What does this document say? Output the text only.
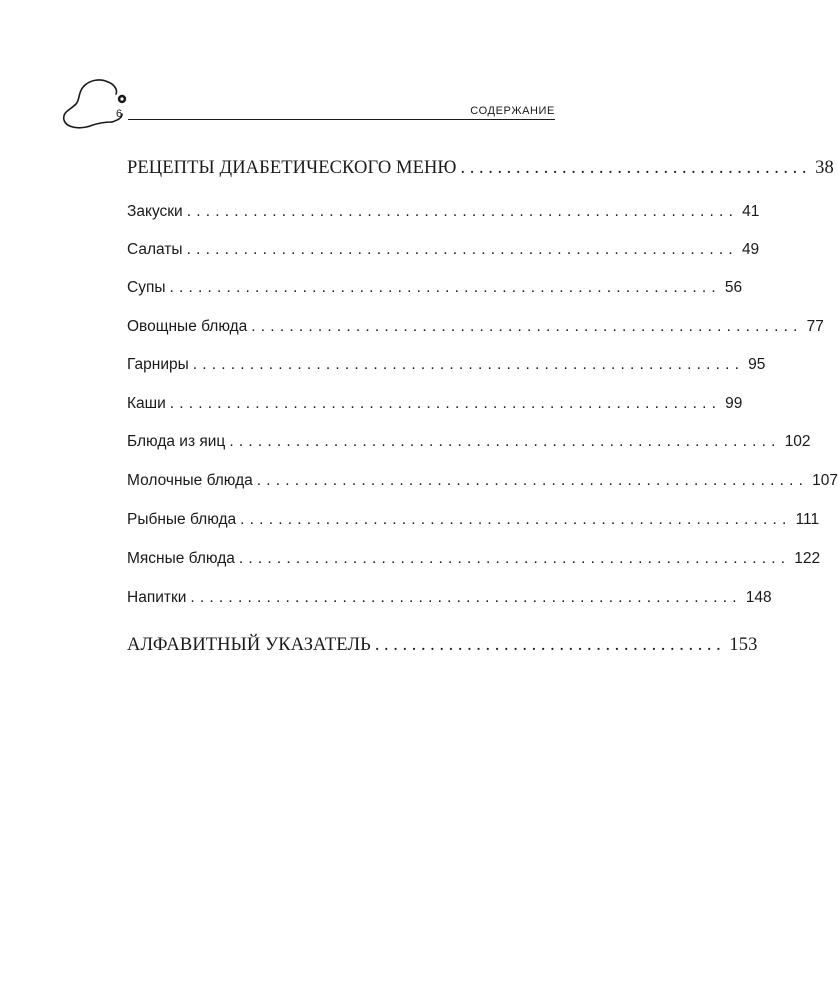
6	СОДЕРЖАНИЕ
РЕЦЕПТЫ ДИАБЕТИЧЕСКОГО МЕНЮ ...................................... 38
Закуски .......................................................... 41
Салаты .......................................................... 49
Супы .......................................................... 56
Овощные блюда .......................................................... 77
Гарниры .......................................................... 95
Каши .......................................................... 99
Блюда из яиц .......................................................... 102
Молочные блюда .......................................................... 107
Рыбные блюда .......................................................... 111
Мясные блюда .......................................................... 122
Напитки .......................................................... 148
АЛФАВИТНЫЙ УКАЗАТЕЛЬ ...................................... 153
